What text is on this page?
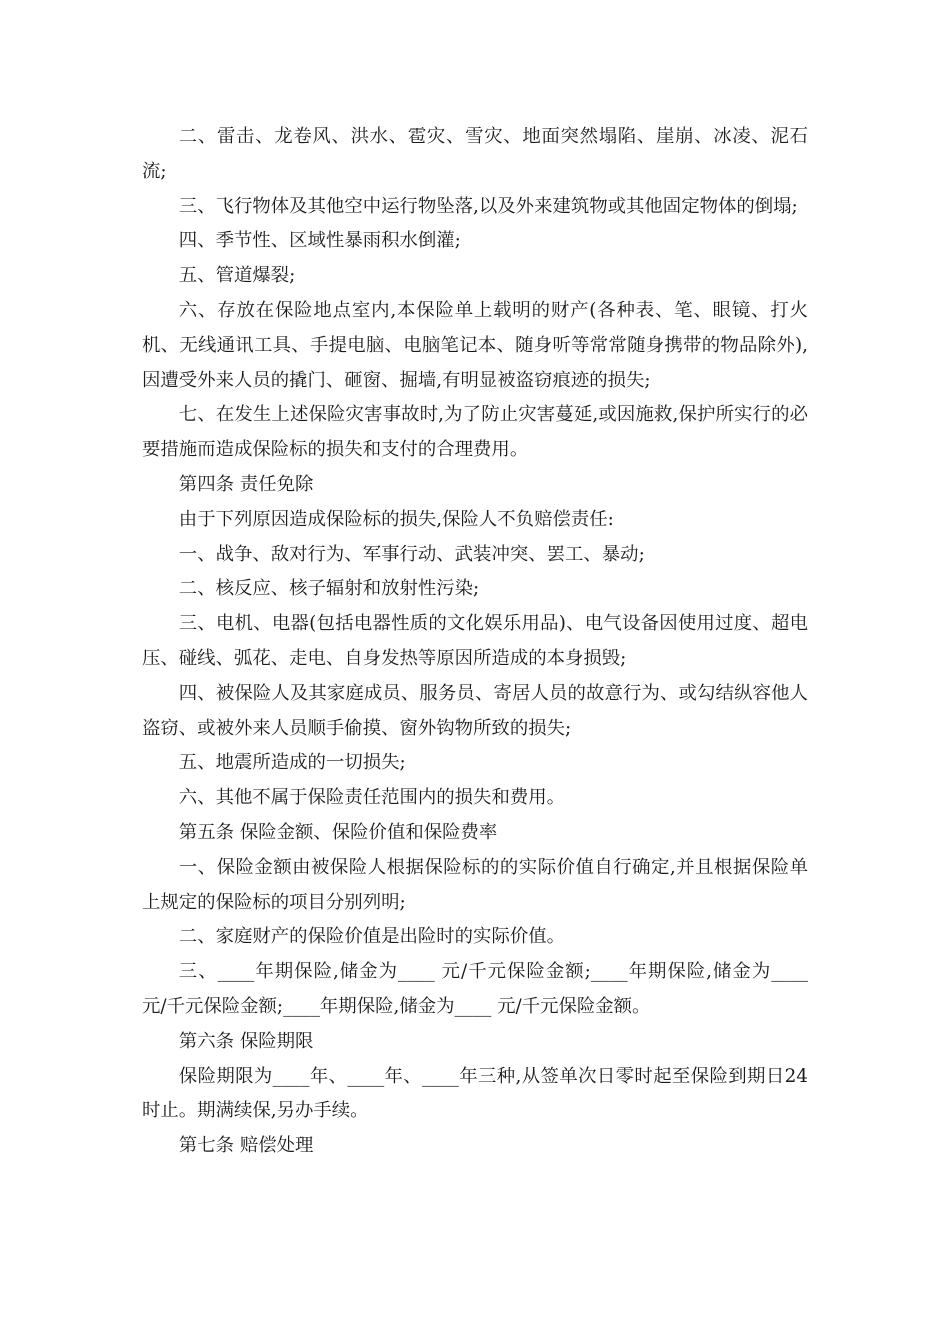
二、雷击、龙卷风、洪水、雹灾、雪灾、地面突然塌陷、崖崩、冰凌、泥石流;

三、飞行物体及其他空中运行物坠落,以及外来建筑物或其他固定物体的倒塌;

四、季节性、区域性暴雨积水倒灌;

五、管道爆裂;

六、存放在保险地点室内,本保险单上载明的财产(各种表、笔、眼镜、打火机、无线通讯工具、手提电脑、电脑笔记本、随身听等常常随身携带的物品除外),因遭受外来人员的撬门、砸窗、掘墙,有明显被盗窃痕迹的损失;

七、在发生上述保险灾害事故时,为了防止灾害蔓延,或因施救,保护所实行的必要措施而造成保险标的损失和支付的合理费用。

第四条 责任免除

由于下列原因造成保险标的损失,保险人不负赔偿责任:

一、战争、敌对行为、军事行动、武装冲突、罢工、暴动;

二、核反应、核子辐射和放射性污染;

三、电机、电器(包括电器性质的文化娱乐用品)、电气设备因使用过度、超电压、碰线、弧花、走电、自身发热等原因所造成的本身损毁;

四、被保险人及其家庭成员、服务员、寄居人员的故意行为、或勾结纵容他人盗窃、或被外来人员顺手偷摸、窗外钩物所致的损失;

五、地震所造成的一切损失;

六、其他不属于保险责任范围内的损失和费用。

第五条 保险金额、保险价值和保险费率

一、保险金额由被保险人根据保险标的的实际价值自行确定,并且根据保险单上规定的保险标的项目分别列明;

二、家庭财产的保险价值是出险时的实际价值。

三、____年期保险,储金为____ 元/千元保险金额;____年期保险,储金为____ 元/千元保险金额;____年期保险,储金为____ 元/千元保险金额。

第六条 保险期限

保险期限为____年、____年、____年三种,从签单次日零时起至保险到期日24时止。期满续保,另办手续。

第七条 赔偿处理
